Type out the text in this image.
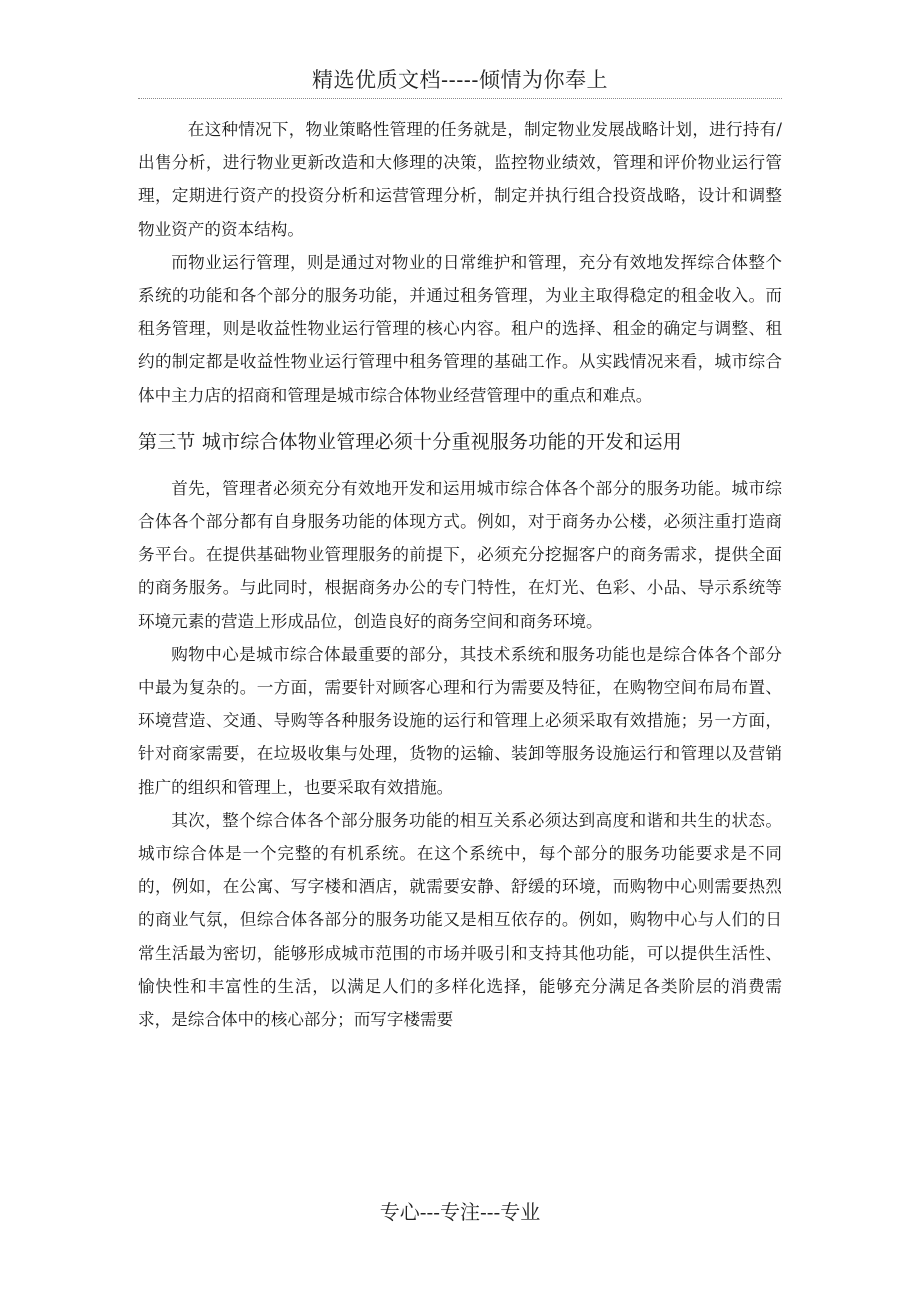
精选优质文档-----倾情为你奉上

在这种情况下，物业策略性管理的任务就是，制定物业发展战略计划，进行持有/出售分析，进行物业更新改造和大修理的决策，监控物业绩效，管理和评价物业运行管理，定期进行资产的投资分析和运营管理分析，制定并执行组合投资战略，设计和调整物业资产的资本结构。

而物业运行管理，则是通过对物业的日常维护和管理，充分有效地发挥综合体整个系统的功能和各个部分的服务功能，并通过租务管理，为业主取得稳定的租金收入。而租务管理，则是收益性物业运行管理的核心内容。租户的选择、租金的确定与调整、租约的制定都是收益性物业运行管理中租务管理的基础工作。从实践情况来看，城市综合体中主力店的招商和管理是城市综合体物业经营管理中的重点和难点。

第三节 城市综合体物业管理必须十分重视服务功能的开发和运用

首先，管理者必须充分有效地开发和运用城市综合体各个部分的服务功能。城市综合体各个部分都有自身服务功能的体现方式。例如，对于商务办公楼，必须注重打造商务平台。在提供基础物业管理服务的前提下，必须充分挖掘客户的商务需求，提供全面的商务服务。与此同时，根据商务办公的专门特性，在灯光、色彩、小品、导示系统等环境元素的营造上形成品位，创造良好的商务空间和商务环境。

购物中心是城市综合体最重要的部分，其技术系统和服务功能也是综合体各个部分中最为复杂的。一方面，需要针对顾客心理和行为需要及特征，在购物空间布局布置、环境营造、交通、导购等各种服务设施的运行和管理上必须采取有效措施；另一方面，针对商家需要，在垃圾收集与处理，货物的运输、装卸等服务设施运行和管理以及营销推广的组织和管理上，也要采取有效措施。

其次，整个综合体各个部分服务功能的相互关系必须达到高度和谐和共生的状态。城市综合体是一个完整的有机系统。在这个系统中，每个部分的服务功能要求是不同的，例如，在公寓、写字楼和酒店，就需要安静、舒缓的环境，而购物中心则需要热烈的商业气氛，但综合体各部分的服务功能又是相互依存的。例如，购物中心与人们的日常生活最为密切，能够形成城市范围的市场并吸引和支持其他功能，可以提供生活性、愉快性和丰富性的生活，以满足人们的多样化选择，能够充分满足各类阶层的消费需求，是综合体中的核心部分；而写字楼需要

专心---专注---专业
